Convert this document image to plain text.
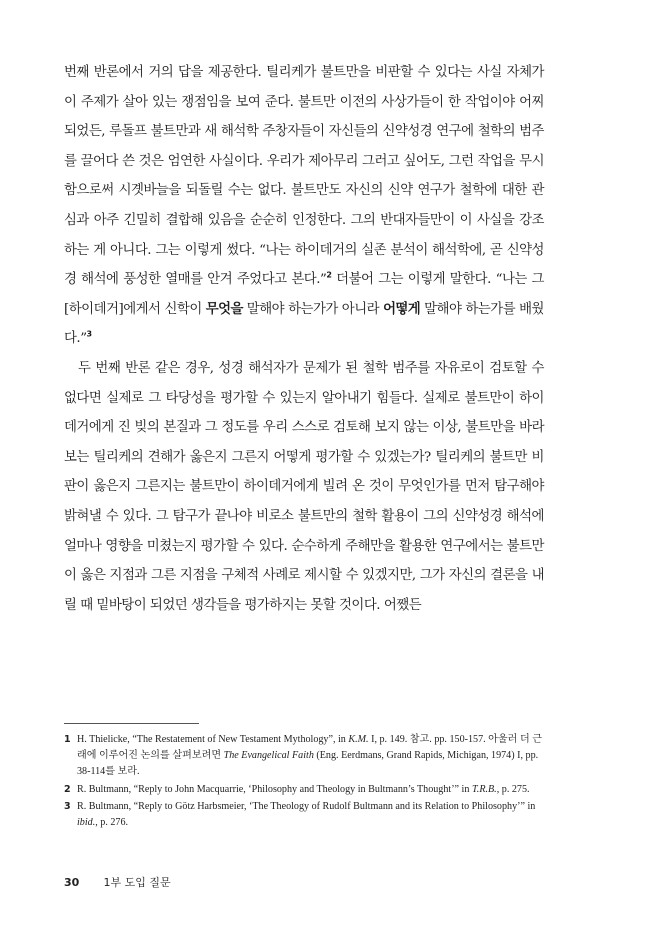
번째 반론에서 거의 답을 제공한다. 틸리케가 불트만을 비판할 수 있다는 사실 자체가 이 주제가 살아 있는 쟁점임을 보여 준다. 불트만 이전의 사상가들이 한 작업이야 어찌되었든, 루돌프 불트만과 새 해석학 주창자들이 자신들의 신약성경 연구에 철학의 범주를 끌어다 쓴 것은 엄연한 사실이다. 우리가 제아무리 그러고 싶어도, 그런 작업을 무시함으로써 시곗바늘을 되돌릴 수는 없다. 불트만도 자신의 신약 연구가 철학에 대한 관심과 아주 긴밀히 결합해 있음을 순순히 인정한다. 그의 반대자들만이 이 사실을 강조하는 게 아니다. 그는 이렇게 썼다. “나는 하이데거의 실존 분석이 해석학에, 곧 신약성경 해석에 풍성한 열매를 안겨 주었다고 본다.”$^2$ 더불어 그는 이렇게 말한다. “나는 그 [하이데거]에게서 신학이 무엇을 말해야 하는가가 아니라 어떻게 말해야 하는가를 배웠다.”$^3$

두 번째 반론 같은 경우, 성경 해석자가 문제가 된 철학 범주를 자유로이 검토할 수 없다면 실제로 그 타당성을 평가할 수 있는지 알아내기 힘들다. 실제로 불트만이 하이데거에게 진 빚의 본질과 그 정도를 우리 스스로 검토해 보지 않는 이상, 불트만을 바라보는 틸리케의 견해가 옳은지 그른지 어떻게 평가할 수 있겠는가? 틸리케의 불트만 비판이 옳은지 그른지는 불트만이 하이데거에게 빌려 온 것이 무엇인가를 먼저 탐구해야 밝혀낼 수 있다. 그 탐구가 끝나야 비로소 불트만의 철학 활용이 그의 신약성경 해석에 얼마나 영향을 미쳤는지 평가할 수 있다. 순수하게 주해만을 활용한 연구에서는 불트만이 옳은 지점과 그른 지점을 구체적 사례로 제시할 수 있겠지만, 그가 자신의 결론을 내릴 때 밑바탕이 되었던 생각들을 평가하지는 못할 것이다. 어쨌든

1 H. Thielicke, “The Restatement of New Testament Mythology”, in K.M. I, p. 149. 참고. pp. 150-157. 아울러 더 근래에 이루어진 논의를 살펴보려면 The Evangelical Faith (Eng. Eerdmans, Grand Rapids, Michigan, 1974) I, pp. 38-114를 보라.
2 R. Bultmann, “Reply to John Macquarrie, ‘Philosophy and Theology in Bultmann’s Thought’” in T.R.B., p. 275.
3 R. Bultmann, “Reply to Götz Harbsmeier, ‘The Theology of Rudolf Bultmann and its Relation to Philosophy’” in ibid., p. 276.
30 1부 도입 질문
